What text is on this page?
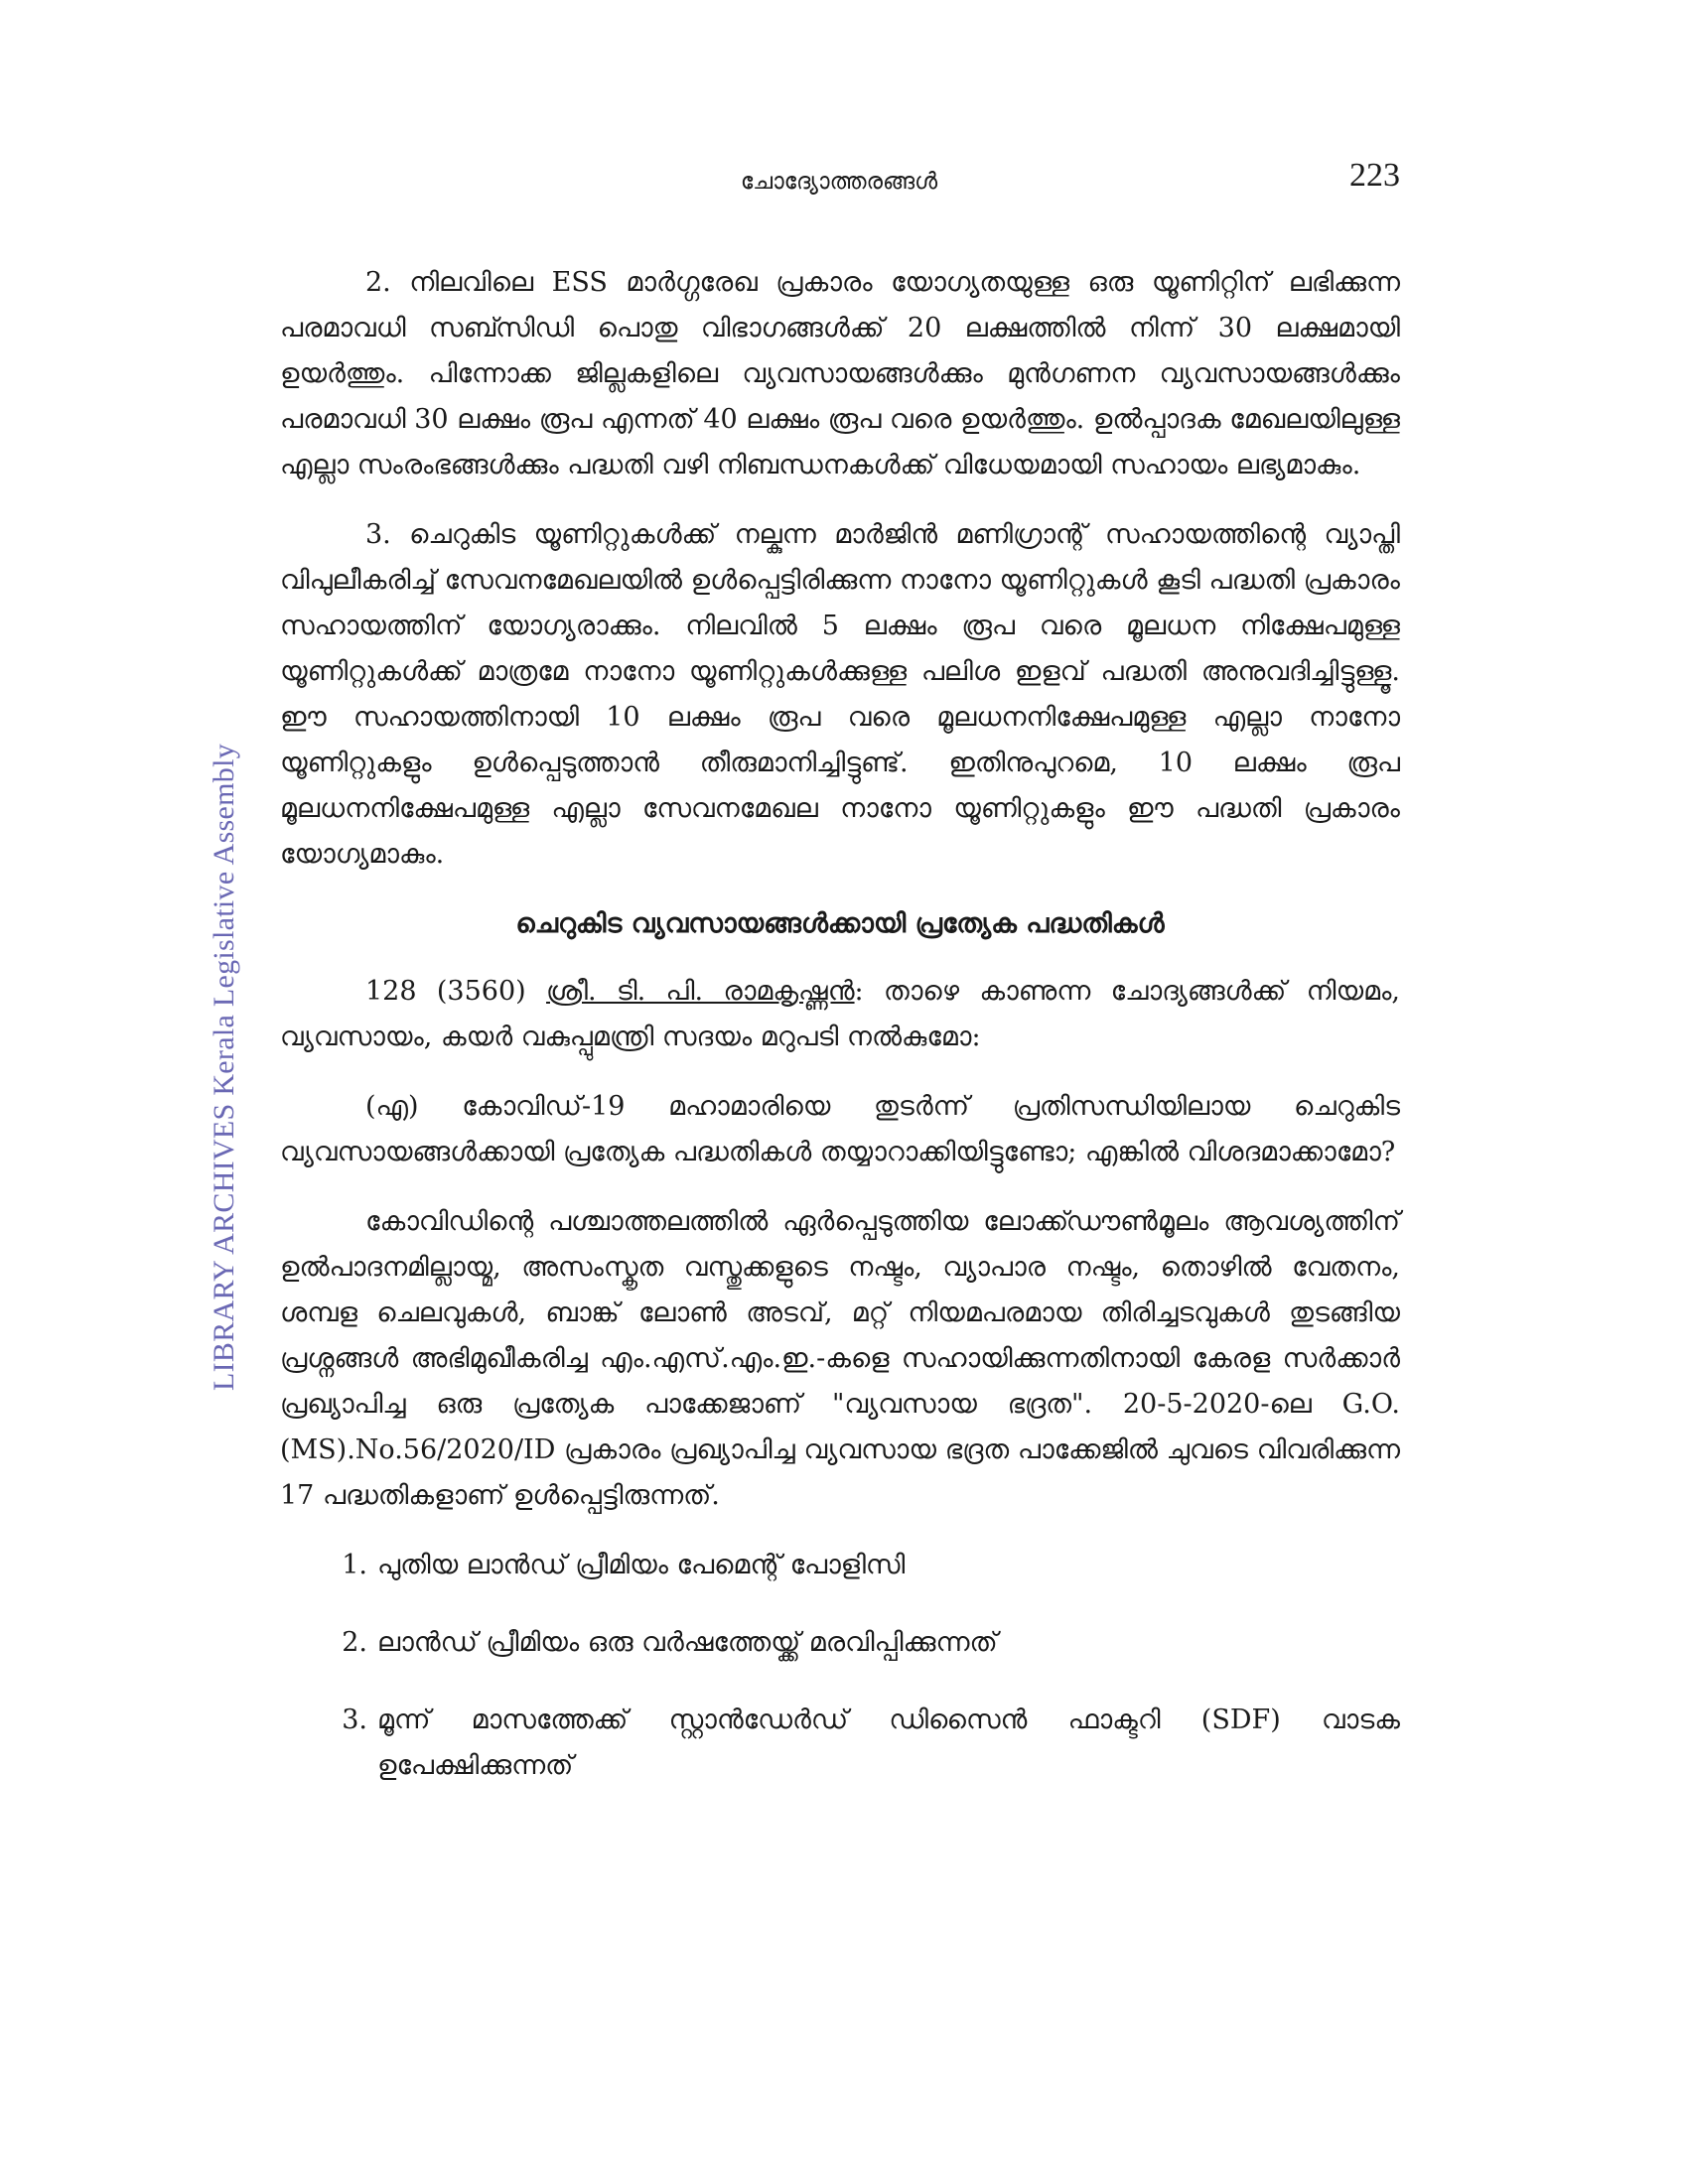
ചോദ്യോത്തരങ്ങൾ	223
LIBRARY ARCHIVES Kerala Legislative Assembly

2. നിലവിലെ ESS മാർഗ്ഗരേഖ പ്രകാരം യോഗ്യതയുള്ള ഒരു യൂണിറ്റിന് ലഭിക്കുന്ന പരമാവധി സബ്സിഡി പൊതു വിഭാഗങ്ങൾക്ക് 20 ലക്ഷത്തിൽ നിന്ന് 30 ലക്ഷമായി ഉയർത്തും. പിന്നോക്ക ജില്ലകളിലെ വ്യവസായങ്ങൾക്കും മുൻഗണന വ്യവസായങ്ങൾക്കും പരമാവധി 30 ലക്ഷം രൂപ എന്നത് 40 ലക്ഷം രൂപ വരെ ഉയർത്തും. ഉൽപ്പാദക മേഖലയിലുള്ള എല്ലാ സംരംഭങ്ങൾക്കും പദ്ധതി വഴി നിബന്ധനകൾക്ക് വിധേയമായി സഹായം ലഭ്യമാകും.

3. ചെറുകിട യൂണിറ്റുകൾക്ക് നല്കുന്ന മാർജിൻ മണിഗ്രാന്റ് സഹായത്തിന്റെ വ്യാപ്തി വിപുലീകരിച്ച് സേവനമേഖലയിൽ ഉൾപ്പെട്ടിരിക്കുന്ന നാനോ യൂണിറ്റുകൾ കൂടി പദ്ധതി പ്രകാരം സഹായത്തിന് യോഗ്യരാക്കും. നിലവിൽ 5 ലക്ഷം രൂപ വരെ മൂലധന നിക്ഷേപമുള്ള യൂണിറ്റുകൾക്ക് മാത്രമേ നാനോ യൂണിറ്റുകൾക്കുള്ള പലിശ ഇളവ് പദ്ധതി അനുവദിച്ചിട്ടുള്ളൂ. ഈ സഹായത്തിനായി 10 ലക്ഷം രൂപ വരെ മൂലധനനിക്ഷേപമുള്ള എല്ലാ നാനോ യൂണിറ്റുകളും ഉൾപ്പെടുത്താൻ തീരുമാനിച്ചിട്ടുണ്ട്. ഇതിനുപുറമെ, 10 ലക്ഷം രൂപ മൂലധനനിക്ഷേപമുള്ള എല്ലാ സേവനമേഖല നാനോ യൂണിറ്റുകളും ഈ പദ്ധതി പ്രകാരം യോഗ്യമാകും.

ചെറുകിട വ്യവസായങ്ങൾക്കായി പ്രത്യേക പദ്ധതികൾ

128 (3560) ശ്രീ. ടി. പി. രാമകൃഷ്ണൻ: താഴെ കാണുന്ന ചോദ്യങ്ങൾക്ക് നിയമം, വ്യവസായം, കയർ വകുപ്പുമന്ത്രി സദയം മറുപടി നൽകുമോ:

(എ) കോവിഡ്-19 മഹാമാരിയെ തുടർന്ന് പ്രതിസന്ധിയിലായ ചെറുകിട വ്യവസായങ്ങൾക്കായി പ്രത്യേക പദ്ധതികൾ തയ്യാറാക്കിയിട്ടുണ്ടോ; എങ്കിൽ വിശദമാക്കാമോ?

കോവിഡിന്റെ പശ്ചാത്തലത്തിൽ ഏർപ്പെടുത്തിയ ലോക്ക്ഡൗൺമൂലം ആവശ്യത്തിന് ഉൽപാദനമില്ലായ്മ, അസംസ്കൃത വസ്തുക്കളുടെ നഷ്ടം, വ്യാപാര നഷ്ടം, തൊഴിൽ വേതനം, ശമ്പള ചെലവുകൾ, ബാങ്ക് ലോൺ അടവ്, മറ്റ് നിയമപരമായ തിരിച്ചടവുകൾ തുടങ്ങിയ പ്രശ്നങ്ങൾ അഭിമുഖീകരിച്ച എം.എസ്.എം.ഇ.-കളെ സഹായിക്കുന്നതിനായി കേരള സർക്കാർ പ്രഖ്യാപിച്ച ഒരു പ്രത്യേക പാക്കേജാണ് "വ്യവസായ ഭദ്രത". 20-5-2020-ലെ G.O.(MS).No.56/2020/ID പ്രകാരം പ്രഖ്യാപിച്ച വ്യവസായ ഭദ്രത പാക്കേജിൽ ചുവടെ വിവരിക്കുന്ന 17 പദ്ധതികളാണ് ഉൾപ്പെട്ടിരുന്നത്.

1. പുതിയ ലാൻഡ് പ്രീമിയം പേമെന്റ് പോളിസി
2. ലാൻഡ് പ്രീമിയം ഒരു വർഷത്തേയ്ക്ക് മരവിപ്പിക്കുന്നത്
3. മൂന്ന് മാസത്തേക്ക് സ്റ്റാൻഡേർഡ് ഡിസൈൻ ഫാക്ടറി (SDF) വാടക ഉപേക്ഷിക്കുന്നത്
